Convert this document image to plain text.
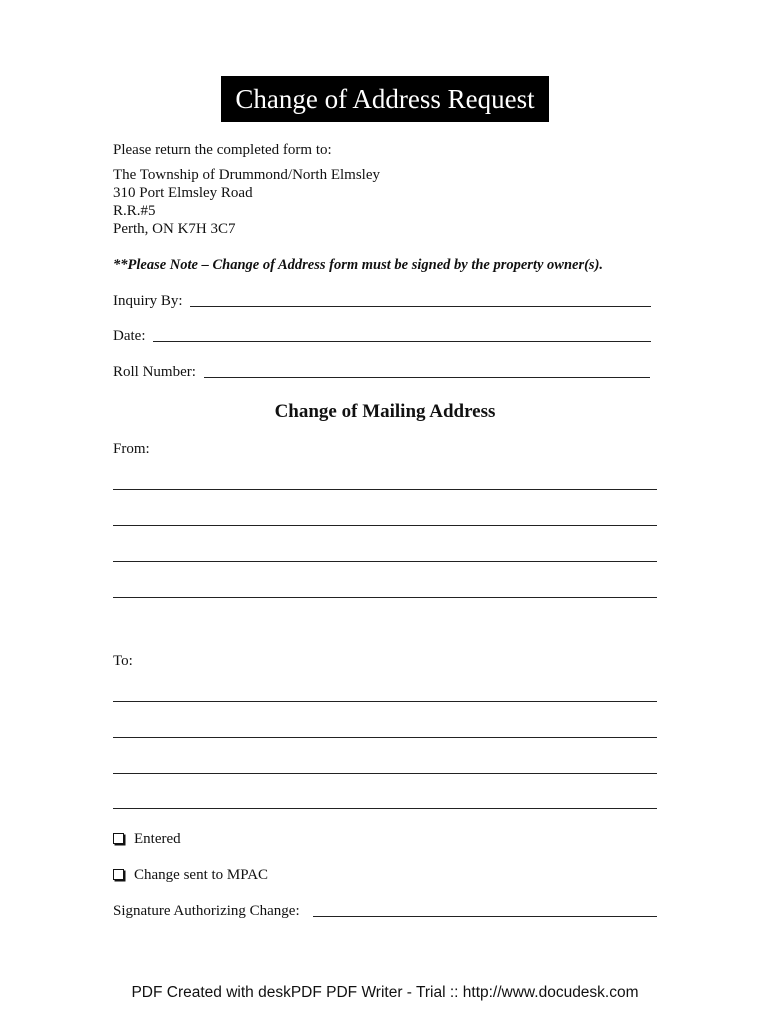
Change of Address Request
Please return the completed form to:
The Township of Drummond/North Elmsley
310 Port Elmsley Road
R.R.#5
Perth, ON K7H 3C7
**Please Note – Change of Address form must be signed by the property owner(s).
Inquiry By:
Date:
Roll Number:
Change of Mailing Address
From:
To:
Entered
Change sent to MPAC
Signature Authorizing Change:
PDF Created with deskPDF PDF Writer - Trial :: http://www.docudesk.com
